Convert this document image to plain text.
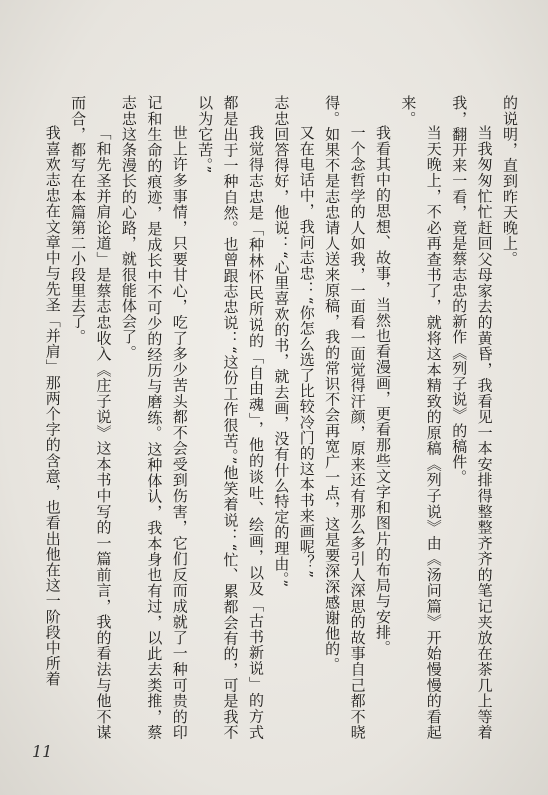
的说明，直到昨天晚上。

当我匆匆忙忙赶回父母家去的黄昏，我看见一本安排得整整齐齐的笔记夹放在茶几上等着我，翻开来一看，竟是蔡志忠的新作《列子说》的稿件。

当天晚上，不必再查书了，就将这本精致的原稿《列子说》由《汤问篇》开始慢慢的看起来。

我看其中的思想、故事，当然也看漫画，更看那些文字和图片的布局与安排。

一个念哲学的人如我，一面看一面觉得汗颜，原来还有那么多引人深思的故事自己都不晓得。如果不是志忠请人送来原稿，我的常识不会再宽广一点，这是要深深感谢他的。

又在电话中，我问志忠：“你怎么选了比较冷门的这本书来画呢？”

志忠回答得好，他说：“心里喜欢的书，就去画，没有什么特定的理由。”

我觉得志忠是「种林怀民所说的「自由魂」，他的谈吐、绘画，以及「古书新说」的方式都是出于一种自然。也曾跟志忠说：“这份工作很苦。”他笑着说：“忙、累都会有的，可是我不以为它苦。”

世上许多事情，只要甘心，吃了多少苦头都不会受到伤害，它们反而成就了一种可贵的印记和生命的痕迹，是成长中不可少的经历与磨练。这种体认，我本身也有过，以此去类推，蔡志忠这条漫长的心路，就很能体会了。

「和先圣并肩论道」是蔡志忠收入《庄子说》这本书中写的一篇前言，我的看法与他不谋而合，都写在本篇第二小段里去了。

我喜欢志忠在文章中与先圣「并肩」那两个字的含意，也看出他在这一阶段中所着

11
